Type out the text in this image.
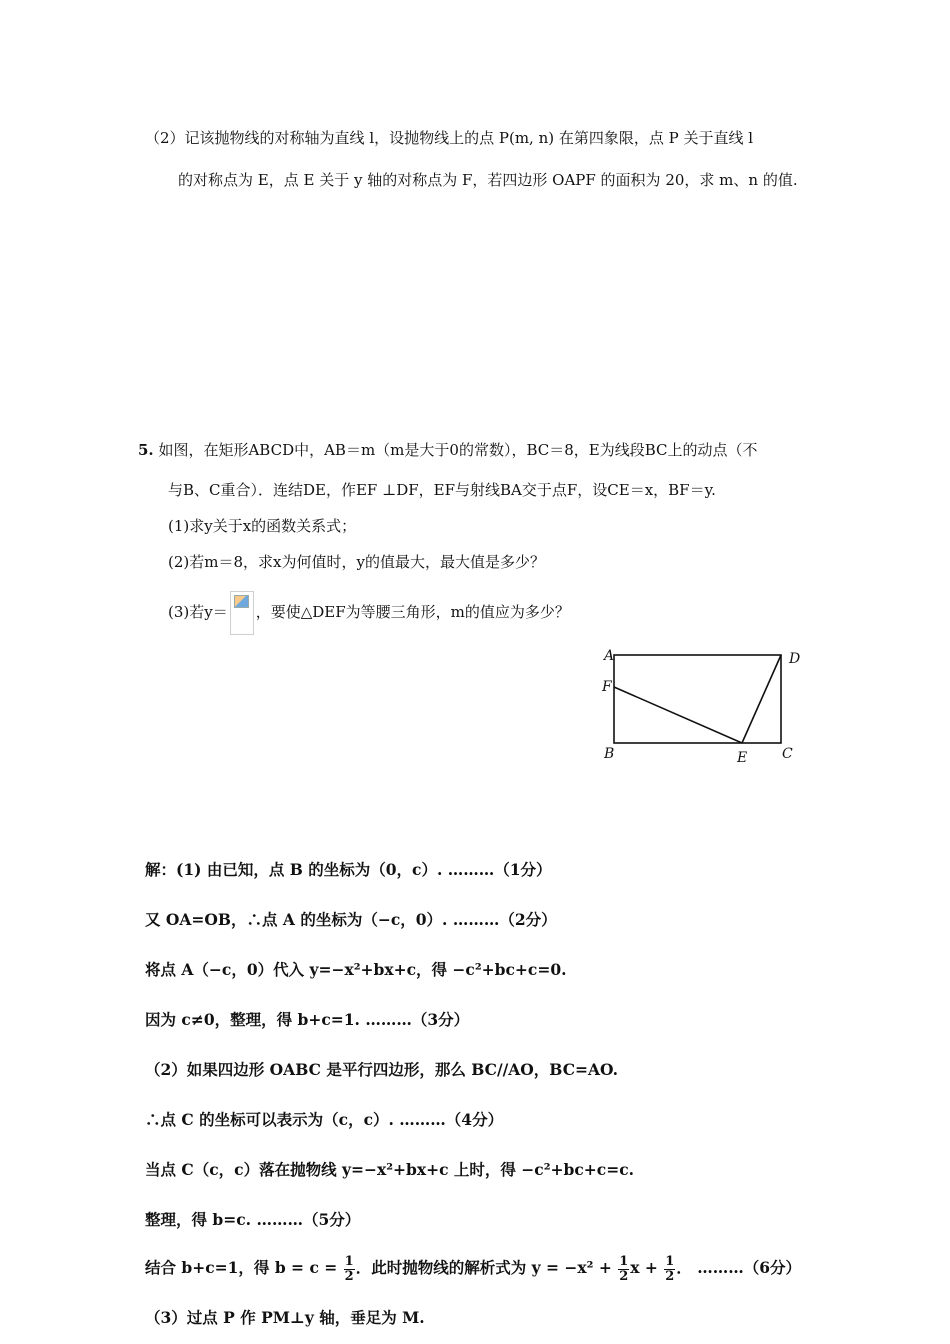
（2）记该抛物线的对称轴为直线 l，设抛物线上的点 P(m, n) 在第四象限，点 P 关于直线 l
的对称点为 E，点 E 关于 y 轴的对称点为 F，若四边形 OAPF 的面积为 20，求 m、n 的值.
5. 如图，在矩形ABCD中，AB＝m（m是大于0的常数），BC＝8，E为线段BC上的动点（不
与B、C重合）．连结DE，作EF ⊥DF，EF与射线BA交于点F，设CE＝x，BF＝y.
(1)求y关于x的函数关系式；
(2)若m＝8，求x为何值时，y的值最大，最大值是多少？
(3)若y＝ ，要使△DEF为等腰三角形，m的值应为多少？
A	D
F
B	E C
解：(1) 由已知，点 B 的坐标为（0，c）. ………（1分）
又 OA=OB，∴点 A 的坐标为（−c，0）. ………（2分）
将点 A（−c，0）代入 y=−x²+bx+c，得 −c²+bc+c=0.
因为 c≠0，整理，得 b+c=1. ………（3分）
（2）如果四边形 OABC 是平行四边形，那么 BC//AO，BC=AO.
∴点 C 的坐标可以表示为（c，c）. ………（4分）
当点 C（c，c）落在抛物线 y=−x²+bx+c 上时，得 −c²+bc+c=c.
整理，得 b=c. ………（5分）
结合 b+c=1，得 $b = c = \frac{1}{2}$ ．此时抛物线的解析式为 $y = -x^2 + \frac{1}{2}$ $x + \frac{1}{2}$ ． ………（6分）
（3）过点 P 作 PM⊥y 轴，垂足为 M.
